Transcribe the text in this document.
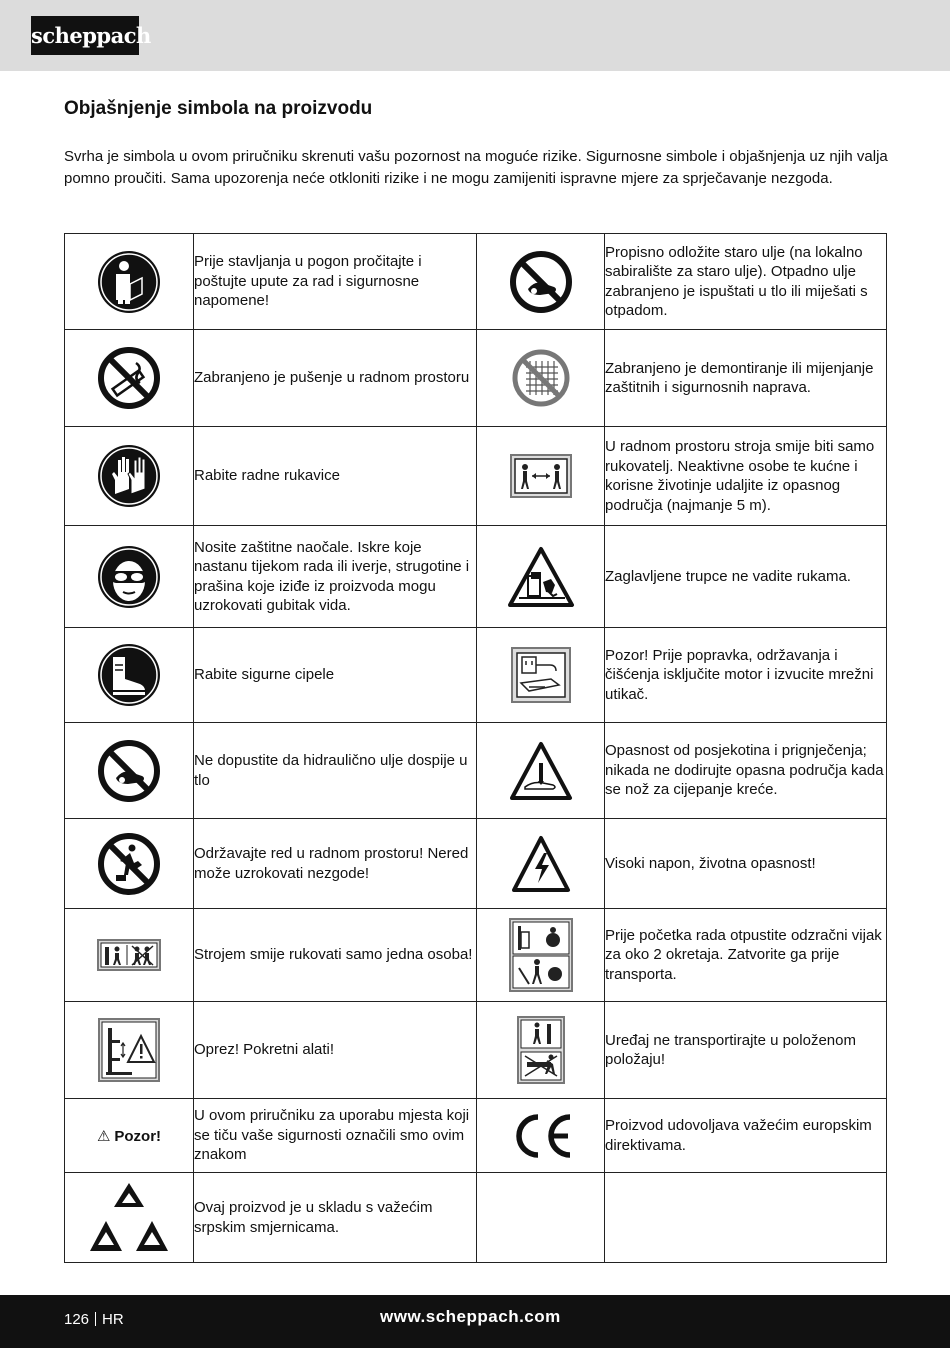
scheppach
Objašnjenje simbola na proizvodu

Svrha je simbola u ovom priručniku skrenuti vašu pozornost na moguće rizike. Sigurnosne simbole i objašnjenja uz njih valja pomno proučiti. Sama upozorenja neće otkloniti rizike i ne mogu zamijeniti ispravne mjere za sprječavanje nezgoda.

	Prije stavljanja u pogon pročitajte i poštujte upute za rad i sigurnosne napomene!		Propisno odložite staro ulje (na lokalno sabiralište za staro ulje). Otpadno ulje zabranjeno je ispuštati u tlo ili miješati s otpadom.
	Zabranjeno je pušenje u radnom prostoru		Zabranjeno je demontiranje ili mijenjanje zaštitnih i sigurnosnih naprava.
	Rabite radne rukavice		U radnom prostoru stroja smije biti samo rukovatelj. Neaktivne osobe te kućne i korisne životinje udaljite iz opasnog područja (najmanje 5 m).
	Nosite zaštitne naočale. Iskre koje nastanu tijekom rada ili iverje, strugotine i prašina koje iziđe iz proizvoda mogu uzrokovati gubitak vida.		Zaglavljene trupce ne vadite rukama.
	Rabite sigurne cipele		Pozor! Prije popravka, održavanja i čišćenja isključite motor i izvucite mrežni utikač.
	Ne dopustite da hidraulično ulje dospije u tlo		Opasnost od posjekotina i prignječenja; nikada ne dodirujte opasna područja kada se nož za cijepanje kreće.
	Održavajte red u radnom prostoru! Nered može uzrokovati nezgode!		Visoki napon, životna opasnost!
	Strojem smije rukovati samo jedna osoba!		Prije početka rada otpustite odzračni vijak za oko 2 okretaja. Zatvorite ga prije transporta.
	Oprez! Pokretni alati!		Uređaj ne transportirajte u položenom položaju!
⚠ Pozor!	U ovom priručniku za uporabu mjesta koji se tiču vaše sigurnosti označili smo ovim znakom		Proizvod udovoljava važećim europskim direktivama.
	Ovaj proizvod je u skladu s važećim srpskim smjernicama.		
126 HR	www.scheppach.com
